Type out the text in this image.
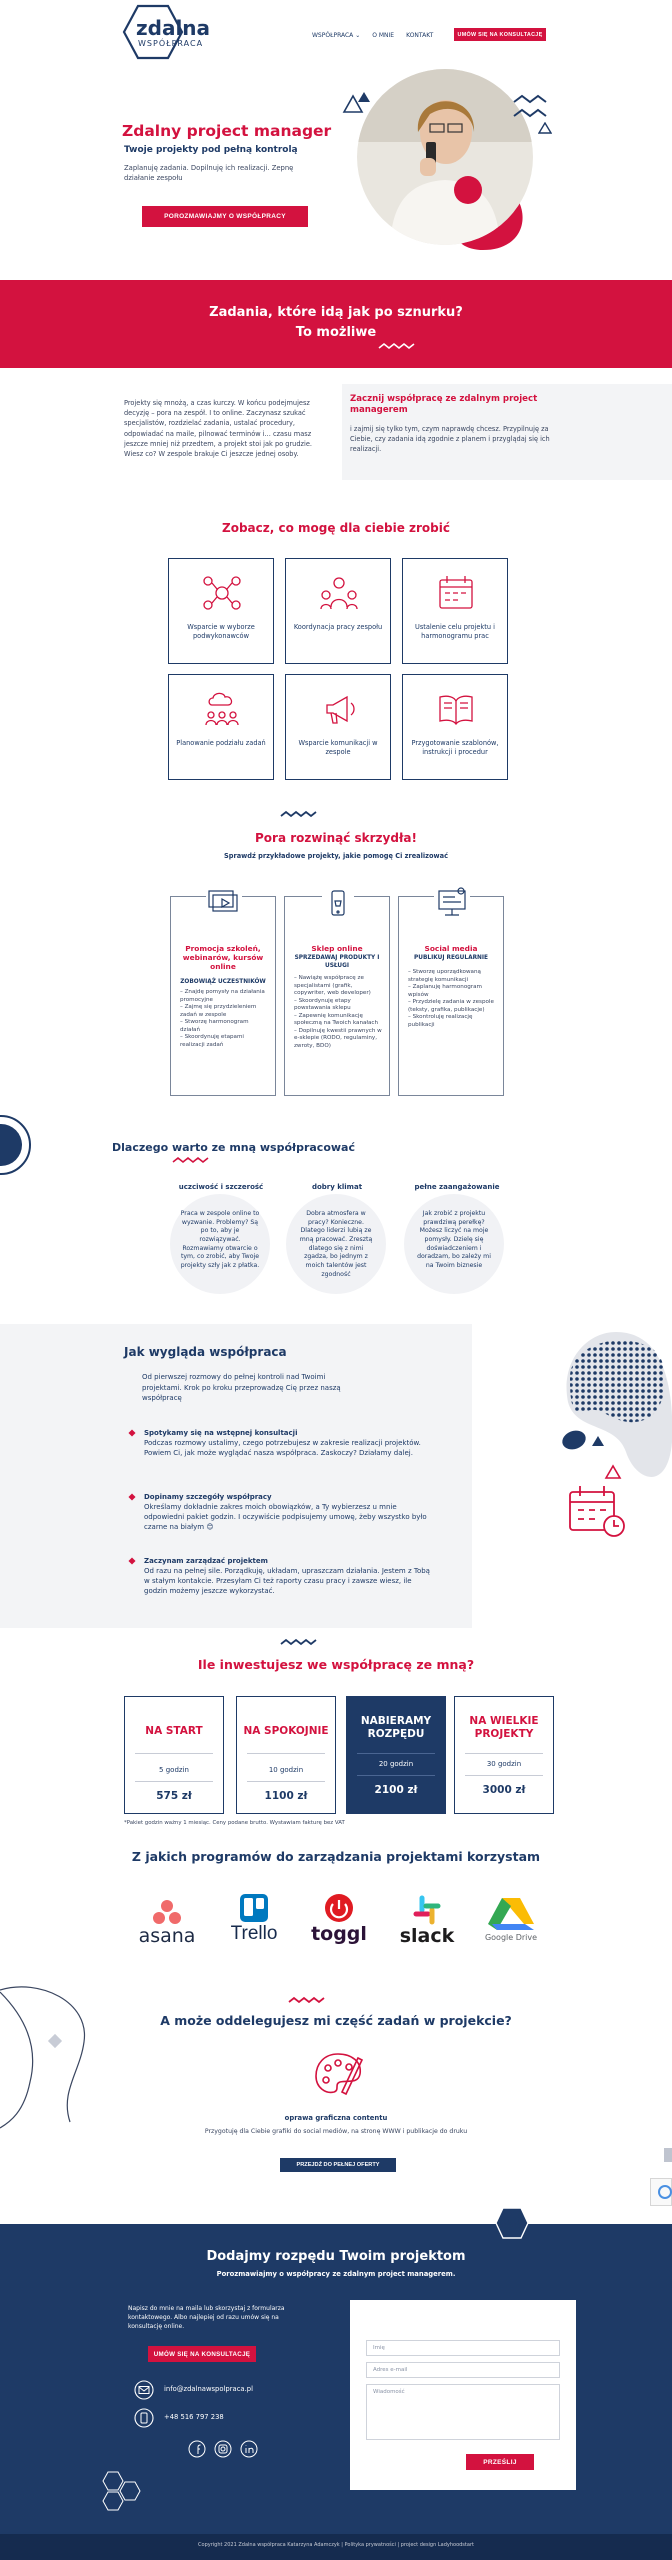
zdalna
WSPÓŁPRACA
WSPÓŁPRACA ⌄ O MNIE KONTAKT	UMÓW SIĘ NA KONSULTACJĘ
Zdalny project manager
Twoje projekty pod pełną kontrolą
Zaplanuję zadania. Dopilnuję ich realizacji. Zepnę działanie zespołu
POROZMAWIAJMY O WSPÓŁPRACY
Zadania, które idą jak po sznurku?
To możliwe
Projekty się mnożą, a czas kurczy. W końcu podejmujesz decyzję – pora na zespół. I to online. Zaczynasz szukać specjalistów, rozdzielać zadania, ustalać procedury, odpowiadać na maile, pilnować terminów i... czasu masz jeszcze mniej niż przedtem, a projekt stoi jak po grudzie. Wiesz co? W zespole brakuje Ci jeszcze jednej osoby.
Zacznij współpracę ze zdalnym project managerem
i zajmij się tylko tym, czym naprawdę chcesz. Przypilnuję za Ciebie, czy zadania idą zgodnie z planem i przyglądaj się ich realizacji.
Zobacz, co mogę dla ciebie zrobić
Wsparcie w wyborze podwykonawców
Koordynacja pracy zespołu	Ustalenie celu projektu i harmonogramu prac
Planowanie podziału zadań	Wsparcie komunikacji w zespole
Przygotowanie szablonów, instrukcji i procedur
Pora rozwinąć skrzydła!
Sprawdź przykładowe projekty, jakie pomogę Ci zrealizować
Promocja szkoleń, webinarów, kursów online
ZOBOWIĄŻ UCZESTNIKÓW
– Znajdę pomysły na działania promocyjne
– Zajmę się przydzieleniem zadań w zespole
– Stworzę harmonogram działań
– Skoordynuję etapami realizacji zadań
Sklep online
SPRZEDAWAJ PRODUKTY I USŁUGI
– Nawiążę współpracę ze specjalistami (grafik, copywriter, web developer)
– Skoordynuję etapy powstawania sklepu
– Zapewnię komunikację społeczną na Twoich kanałach
– Dopilnuję kwestii prawnych w e-sklepie (RODO, regulaminy, zwroty, BDO)
Social media
PUBLIKUJ REGULARNIE
– Stworzę uporządkowaną strategię komunikacji
– Zaplanuję harmonogram wpisów
– Przydzielę zadania w zespole (teksty, grafika, publikacje)
– Skontroluję realizację publikacji
Dlaczego warto ze mną współpracować
uczciwość i szczerość
Praca w zespole online to wyzwanie. Problemy? Są po to, aby je rozwiązywać. Rozmawiamy otwarcie o tym, co zrobić, aby Twoje projekty szły jak z płatka.
dobry klimat
Dobra atmosfera w pracy? Konieczne. Dlatego liderzi lubią ze mną pracować. Zresztą dlatego się z nimi zgadza, bo jednym z moich talentów jest zgodność
pełne zaangażowanie
Jak zrobić z projektu prawdziwą perełkę? Możesz liczyć na moje pomysły. Dzielę się doświadczeniem i doradzam, bo zależy mi na Twoim biznesie
Jak wygląda współpraca
Od pierwszej rozmowy do pełnej kontroli nad Twoimi projektami. Krok po kroku przeprowadzę Cię przez naszą współpracę
Spotykamy się na wstępnej konsultacji
Podczas rozmowy ustalimy, czego potrzebujesz w zakresie realizacji projektów. Powiem Ci, jak może wyglądać nasza współpraca. Zaskoczy? Działamy dalej.
Dopinamy szczegóły współpracy
Określamy dokładnie zakres moich obowiązków, a Ty wybierzesz u mnie odpowiedni pakiet godzin. I oczywiście podpisujemy umowę, żeby wszystko było czarne na białym 😊
Zaczynam zarządzać projektem
Od razu na pełnej sile. Porządkuję, układam, upraszczam działania. Jestem z Tobą w stałym kontakcie. Przesyłam Ci też raporty czasu pracy i zawsze wiesz, ile godzin możemy jeszcze wykorzystać.
Ile inwestujesz we współpracę ze mną?
NA START
5 godzin
575 zł
NA SPOKOJNIE
10 godzin
1100 zł
NABIERAMY ROZPĘDU
20 godzin
2100 zł
NA WIELKIE PROJEKTY
30 godzin
3000 zł
*Pakiet godzin ważny 1 miesiąc. Ceny podane brutto. Wystawiam fakturę bez VAT
Z jakich programów do zarządzania projektami korzystam
asana	Trello	toggl	slack	Google Drive
A może oddelegujesz mi część zadań w projekcie?
oprawa graficzna contentu
Przygotuję dla Ciebie grafiki do social mediów, na stronę WWW i publikacje do druku
PRZEJDŹ DO PEŁNEJ OFERTY
Dodajmy rozpędu Twoim projektom
Porozmawiajmy o współpracy ze zdalnym project managerem.
Napisz do mnie na maila lub skorzystaj z formularza kontaktowego. Albo najlepiej od razu umów się na konsultację online.
UMÓW SIĘ NA KONSULTACJĘ
info@zdalnawspolpraca.pl
+48 516 797 238
Imię
Adres e-mail
Wiadomość
PRZEŚLIJ
Copyright 2021 Zdalna współpraca Katarzyna Adamczyk | Polityka prywatności | project design Ladyhoodstart
